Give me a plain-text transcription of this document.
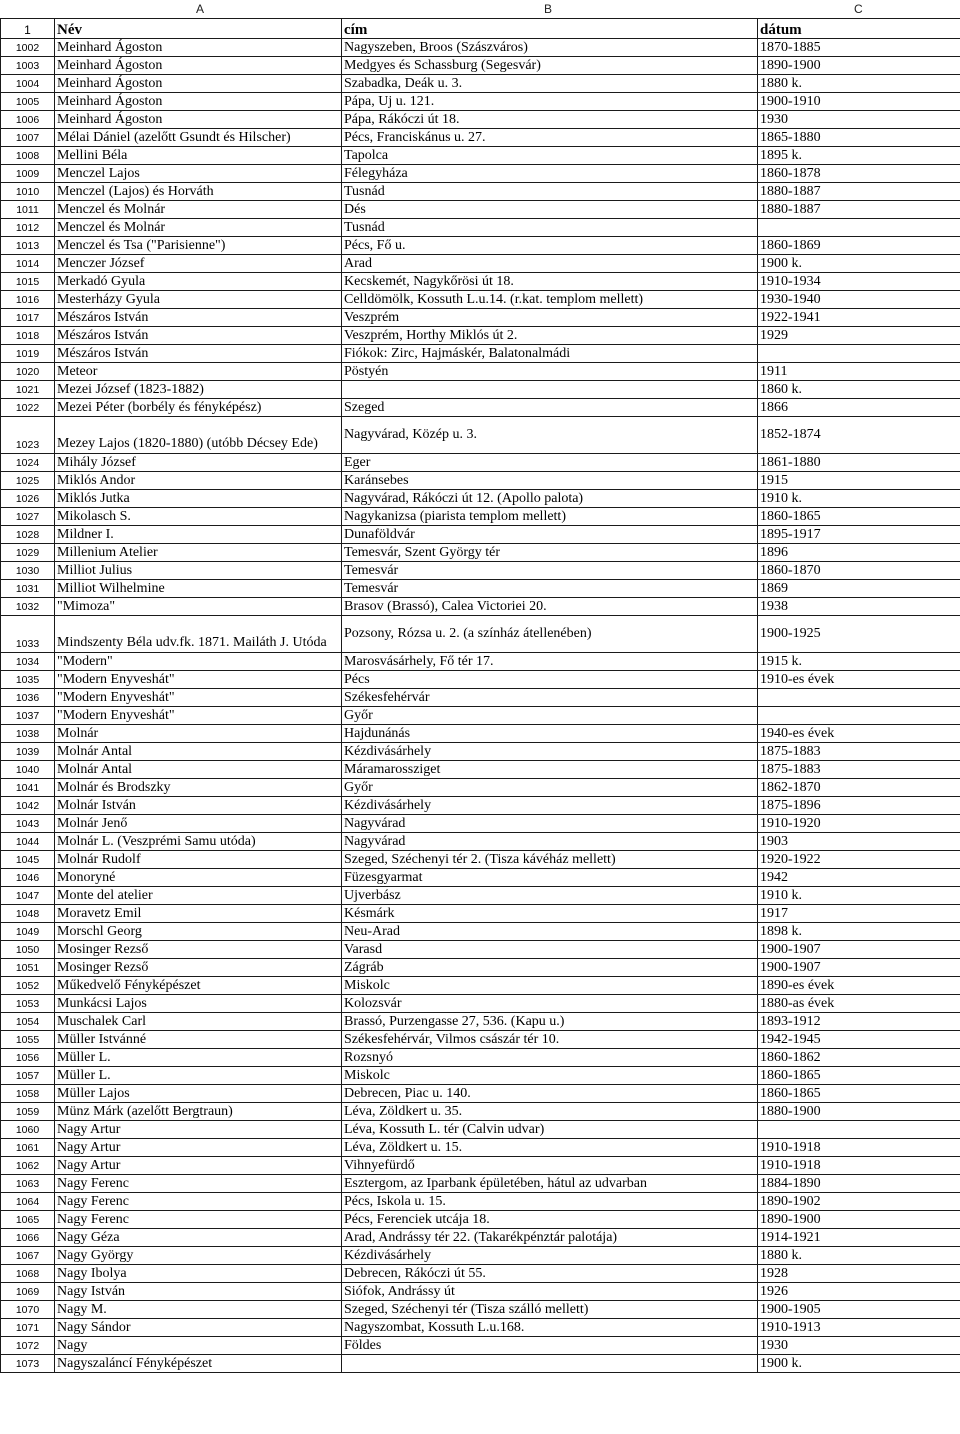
A	B	C
1	Név	cím	dátum
1002	Meinhard Ágoston	Nagyszeben, Broos (Szászváros)	1870-1885
1003	Meinhard Ágoston	Medgyes és Schassburg (Segesvár)	1890-1900
1004	Meinhard Ágoston	Szabadka, Deák u. 3.	1880 k.
1005	Meinhard Ágoston	Pápa, Uj u. 121.	1900-1910
1006	Meinhard Ágoston	Pápa, Rákóczi út 18.	1930
1007	Mélai Dániel (azelőtt Gsundt és Hilscher)	Pécs, Franciskánus u. 27.	1865-1880
1008	Mellini Béla	Tapolca	1895 k.
1009	Menczel Lajos	Félegyháza	1860-1878
1010	Menczel (Lajos) és Horváth	Tusnád	1880-1887
1011	Menczel és Molnár	Dés	1880-1887
1012	Menczel és Molnár	Tusnád	
1013	Menczel és Tsa ("Parisienne")	Pécs, Fő u.	1860-1869
1014	Menczer József	Arad	1900 k.
1015	Merkadó Gyula	Kecskemét, Nagykőrösi út 18.	1910-1934
1016	Mesterházy Gyula	Celldömölk, Kossuth L.u.14. (r.kat. templom mellett)	1930-1940
1017	Mészáros István	Veszprém	1922-1941
1018	Mészáros István	Veszprém, Horthy Miklós út 2.	1929
1019	Mészáros István	Fiókok: Zirc, Hajmáskér, Balatonalmádi	
1020	Meteor	Pöstyén	1911
1021	Mezei József (1823-1882)		1860 k.
1022	Mezei Péter (borbély és fényképész)	Szeged	1866
1023	Mezey Lajos (1820-1880) (utóbb Décsey Ede)	Nagyvárad, Közép u. 3.	1852-1874
1024	Mihály József	Eger	1861-1880
1025	Miklós Andor	Karánsebes	1915
1026	Miklós Jutka	Nagyvárad, Rákóczi út 12. (Apollo palota)	1910 k.
1027	Mikolasch S.	Nagykanizsa (piarista templom mellett)	1860-1865
1028	Mildner I.	Dunaföldvár	1895-1917
1029	Millenium Atelier	Temesvár, Szent György tér	1896
1030	Milliot Julius	Temesvár	1860-1870
1031	Milliot Wilhelmine	Temesvár	1869
1032	"Mimoza"	Brasov (Brassó), Calea Victoriei 20.	1938
1033	Mindszenty Béla udv.fk. 1871. Mailáth J. Utóda	Pozsony, Rózsa u. 2. (a színház átellenében)	1900-1925
1034	"Modern"	Marosvásárhely, Fő tér 17.	1915 k.
1035	"Modern Enyveshát"	Pécs	1910-es évek
1036	"Modern Enyveshát"	Székesfehérvár	
1037	"Modern Enyveshát"	Győr	
1038	Molnár	Hajdunánás	1940-es évek
1039	Molnár Antal	Kézdivásárhely	1875-1883
1040	Molnár Antal	Máramarossziget	1875-1883
1041	Molnár és Brodszky	Győr	1862-1870
1042	Molnár István	Kézdivásárhely	1875-1896
1043	Molnár Jenő	Nagyvárad	1910-1920
1044	Molnár L. (Veszprémi Samu utóda)	Nagyvárad	1903
1045	Molnár Rudolf	Szeged, Széchenyi tér 2. (Tisza kávéház mellett)	1920-1922
1046	Monoryné	Füzesgyarmat	1942
1047	Monte del atelier	Ujverbász	1910 k.
1048	Moravetz Emil	Késmárk	1917
1049	Morschl Georg	Neu-Arad	1898 k.
1050	Mosinger Rezső	Varasd	1900-1907
1051	Mosinger Rezső	Zágráb	1900-1907
1052	Műkedvelő Fényképészet	Miskolc	1890-es évek
1053	Munkácsi Lajos	Kolozsvár	1880-as évek
1054	Muschalek Carl	Brassó, Purzengasse 27, 536. (Kapu u.)	1893-1912
1055	Müller Istvánné	Székesfehérvár, Vilmos császár tér 10.	1942-1945
1056	Müller L.	Rozsnyó	1860-1862
1057	Müller L.	Miskolc	1860-1865
1058	Müller Lajos	Debrecen, Piac u. 140.	1860-1865
1059	Münz Márk (azelőtt Bergtraun)	Léva, Zöldkert u. 35.	1880-1900
1060	Nagy Artur	Léva, Kossuth L. tér (Calvin udvar)	
1061	Nagy Artur	Léva, Zöldkert u. 15.	1910-1918
1062	Nagy Artur	Vihnyefürdő	1910-1918
1063	Nagy Ferenc	Esztergom, az Iparbank épületében, hátul az udvarban	1884-1890
1064	Nagy Ferenc	Pécs, Iskola u. 15.	1890-1902
1065	Nagy Ferenc	Pécs, Ferenciek utcája 18.	1890-1900
1066	Nagy Géza	Arad, Andrássy tér 22. (Takarékpénztár palotája)	1914-1921
1067	Nagy György	Kézdivásárhely	1880 k.
1068	Nagy Ibolya	Debrecen, Rákóczi út 55.	1928
1069	Nagy István	Siófok, Andrássy út	1926
1070	Nagy M.	Szeged, Széchenyi tér (Tisza szálló mellett)	1900-1905
1071	Nagy Sándor	Nagyszombat, Kossuth L.u.168.	1910-1913
1072	Nagy	Földes	1930
1073	Nagyszaláncí Fényképészet		1900 k.
